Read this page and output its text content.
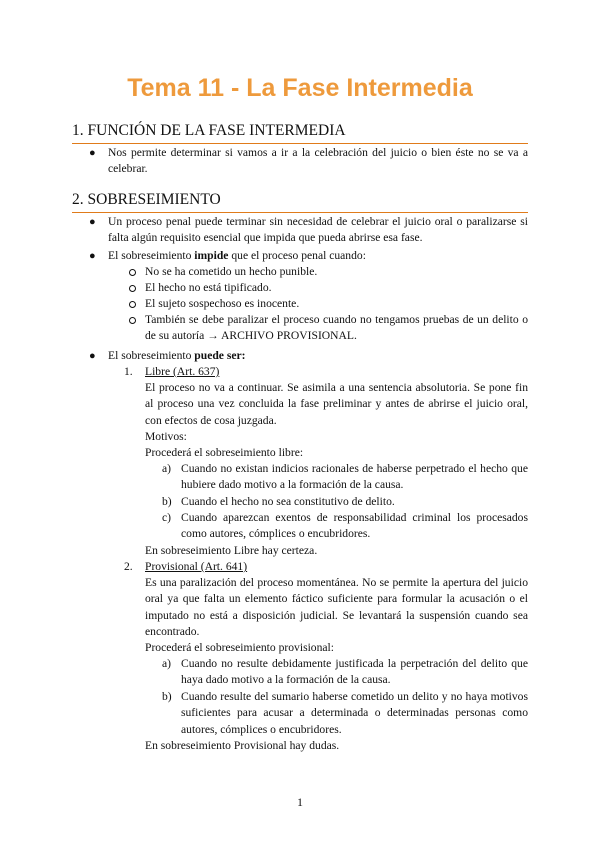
Tema 11 - La Fase Intermedia
1. FUNCIÓN DE LA FASE INTERMEDIA
● Nos permite determinar si vamos a ir a la celebración del juicio o bien éste no se va a celebrar.
2. SOBRESEIMIENTO
● Un proceso penal puede terminar sin necesidad de celebrar el juicio oral o paralizarse si falta algún requisito esencial que impida que pueda abrirse esa fase.
● El sobreseimiento impide que el proceso penal cuando:
No se ha cometido un hecho punible.
El hecho no está tipificado.
El sujeto sospechoso es inocente.
También se debe paralizar el proceso cuando no tengamos pruebas de un delito o de su autoría → ARCHIVO PROVISIONAL.
● El sobreseimiento puede ser:
1. Libre (Art. 637)
El proceso no va a continuar. Se asimila a una sentencia absolutoria. Se pone fin al proceso una vez concluida la fase preliminar y antes de abrirse el juicio oral, con efectos de cosa juzgada.
Motivos:
Procederá el sobreseimiento libre:
a) Cuando no existan indicios racionales de haberse perpetrado el hecho que hubiere dado motivo a la formación de la causa.
b) Cuando el hecho no sea constitutivo de delito.
c) Cuando aparezcan exentos de responsabilidad criminal los procesados como autores, cómplices o encubridores.
En sobreseimiento Libre hay certeza.
2. Provisional (Art. 641)
Es una paralización del proceso momentánea. No se permite la apertura del juicio oral ya que falta un elemento fáctico suficiente para formular la acusación o el imputado no está a disposición judicial. Se levantará la suspensión cuando sea encontrado.
Procederá el sobreseimiento provisional:
a) Cuando no resulte debidamente justificada la perpetración del delito que haya dado motivo a la formación de la causa.
b) Cuando resulte del sumario haberse cometido un delito y no haya motivos suficientes para acusar a determinada o determinadas personas como autores, cómplices o encubridores.
En sobreseimiento Provisional hay dudas.
1
